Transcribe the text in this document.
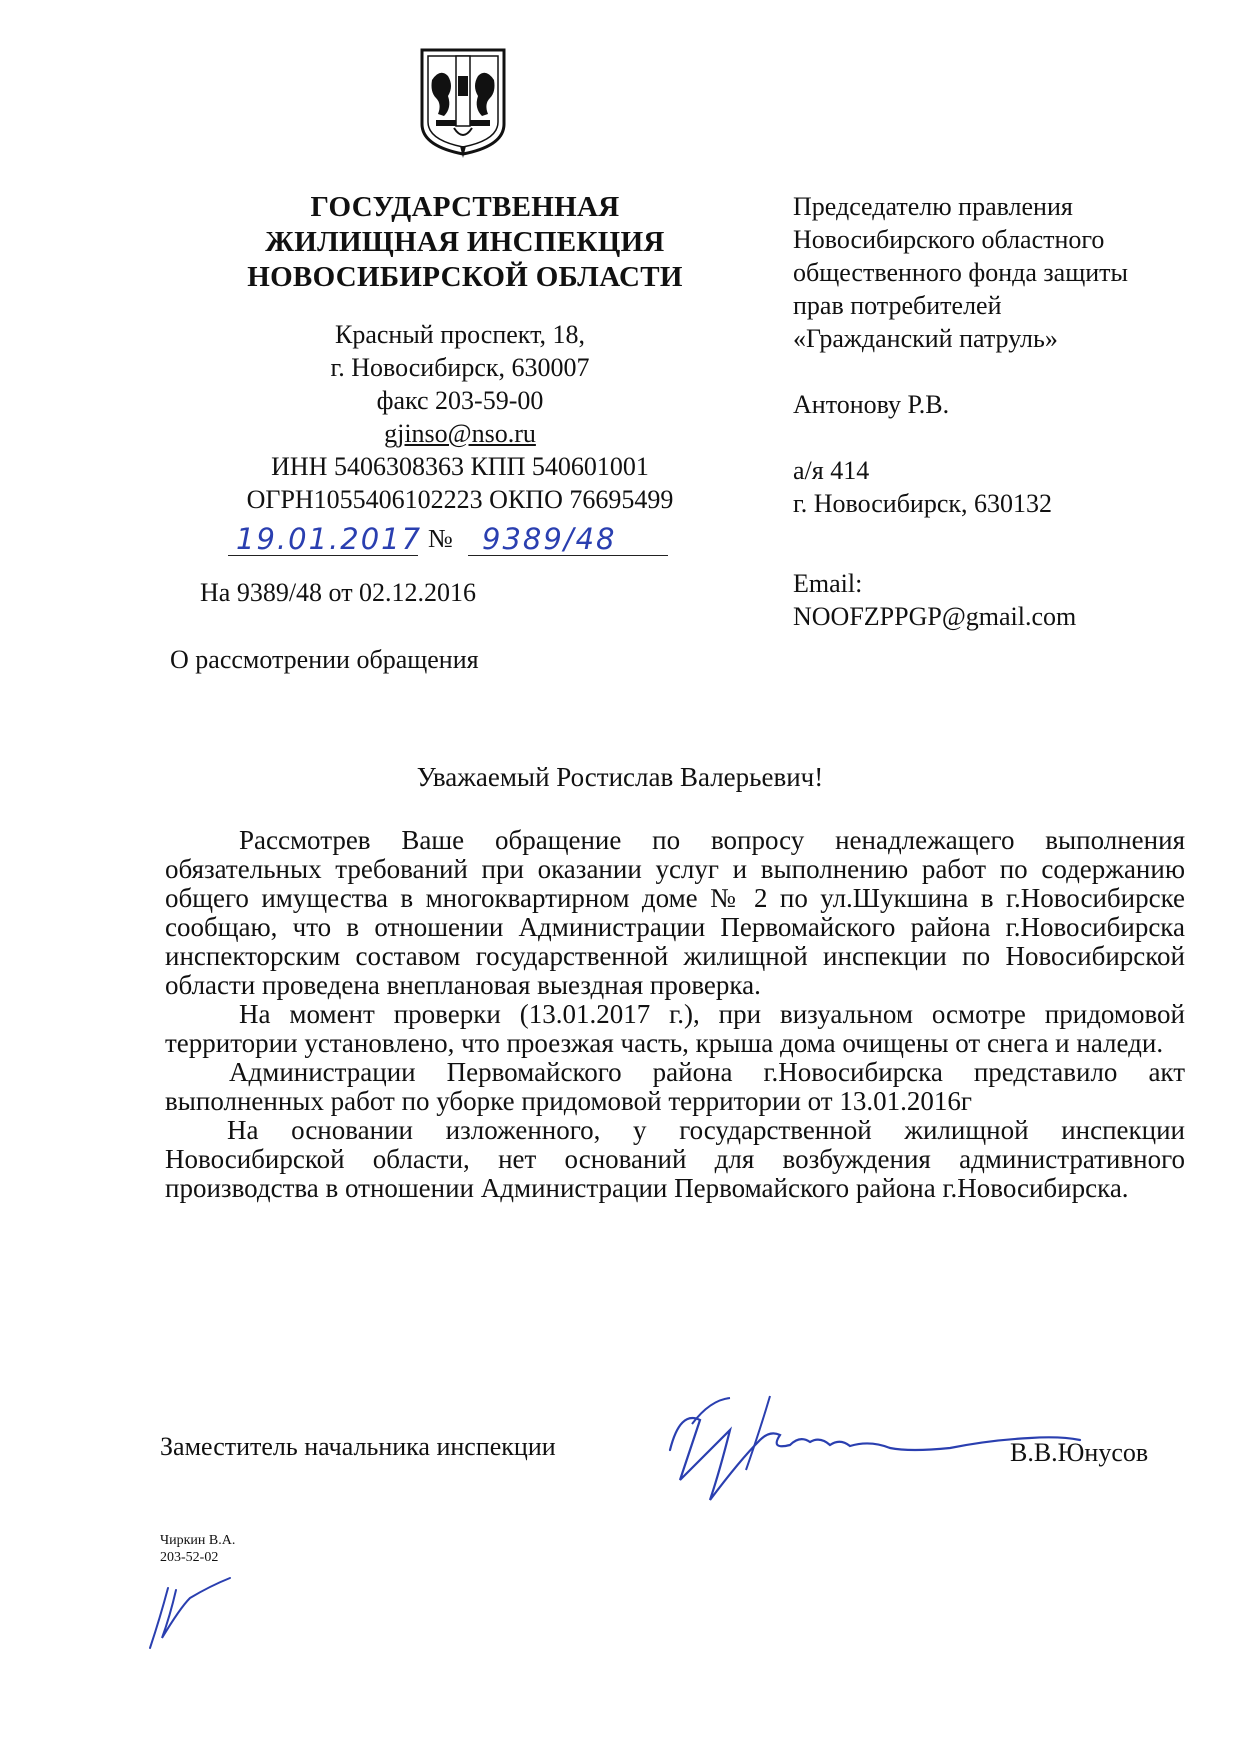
ГОСУДАРСТВЕННАЯ
ЖИЛИЩНАЯ ИНСПЕКЦИЯ
НОВОСИБИРСКОЙ ОБЛАСТИ
Красный проспект, 18,
г. Новосибирск, 630007
факс 203-59-00
gjinso@nso.ru
ИНН 5406308363 КПП 540601001
ОГРН1055406102223 ОКПО 76695499
19.01.2017 №	9389/48
На 9389/48 от 02.12.2016
О рассмотрении обращения
Председателю правления
Новосибирского областного
общественного фонда защиты
прав потребителей
«Гражданский патруль»
Антонову Р.В.
а/я 414
г. Новосибирск, 630132
Email:
NOOFZPPGP@gmail.com
Уважаемый Ростислав Валерьевич!

Рассмотрев Ваше обращение по вопросу ненадлежащего выполнения обязательных требований при оказании услуг и выполнению работ по содержанию общего имущества в многоквартирном доме № 2 по ул.Шукшина в г.Новосибирске сообщаю, что в отношении Администрации Первомайского района г.Новосибирска инспекторским составом государственной жилищной инспекции по Новосибирской области проведена внеплановая выездная проверка.

На момент проверки (13.01.2017 г.), при визуальном осмотре придомовой территории установлено, что проезжая часть, крыша дома очищены от снега и наледи.

Администрации Первомайского района г.Новосибирска представило акт выполненных работ по уборке придомовой территории от 13.01.2016г

На основании изложенного, у государственной жилищной инспекции Новосибирской области, нет оснований для возбуждения административного производства в отношении Администрации Первомайского района г.Новосибирска.

Заместитель начальника инспекции	В.В.Юнусов
Чиркин В.А.
203-52-02
